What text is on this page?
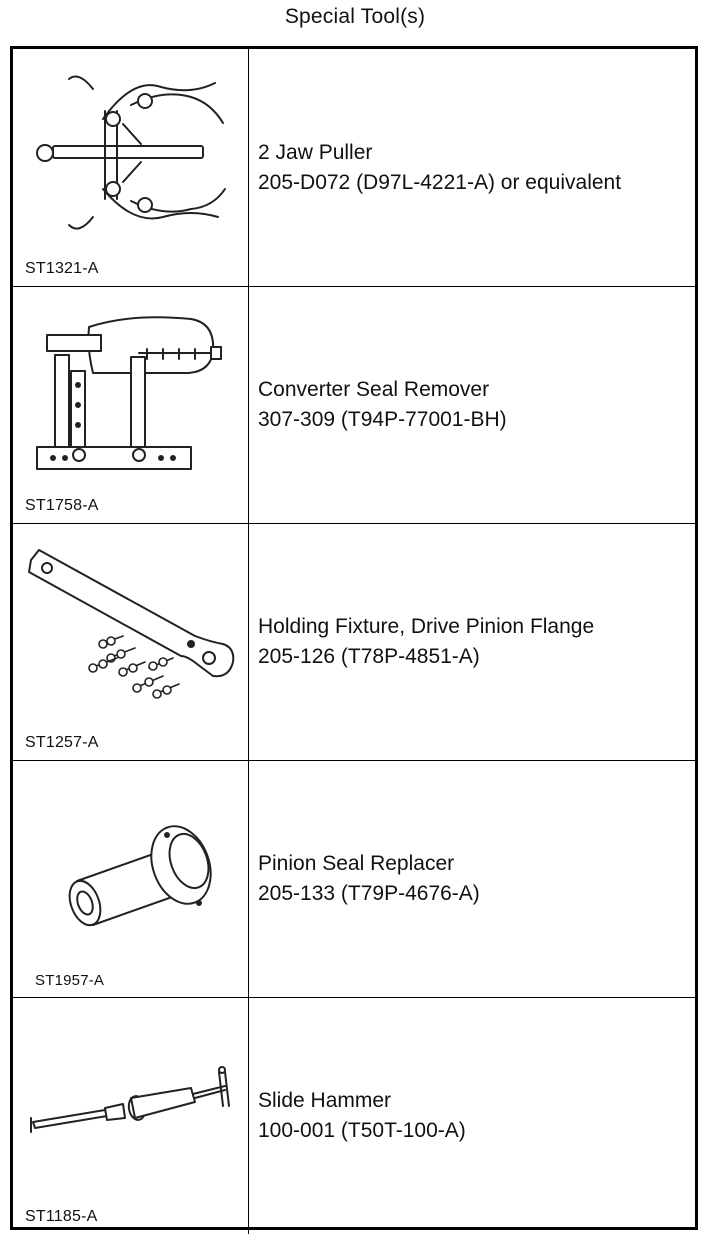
Special Tool(s)
ST1321-A
2 Jaw Puller
205-D072 (D97L-4221-A) or equivalent
ST1758-A
Converter Seal Remover
307-309 (T94P-77001-BH)
ST1257-A
Holding Fixture, Drive Pinion Flange
205-126 (T78P-4851-A)
ST1957-A
Pinion Seal Replacer
205-133 (T79P-4676-A)
ST1185-A
Slide Hammer
100-001 (T50T-100-A)
